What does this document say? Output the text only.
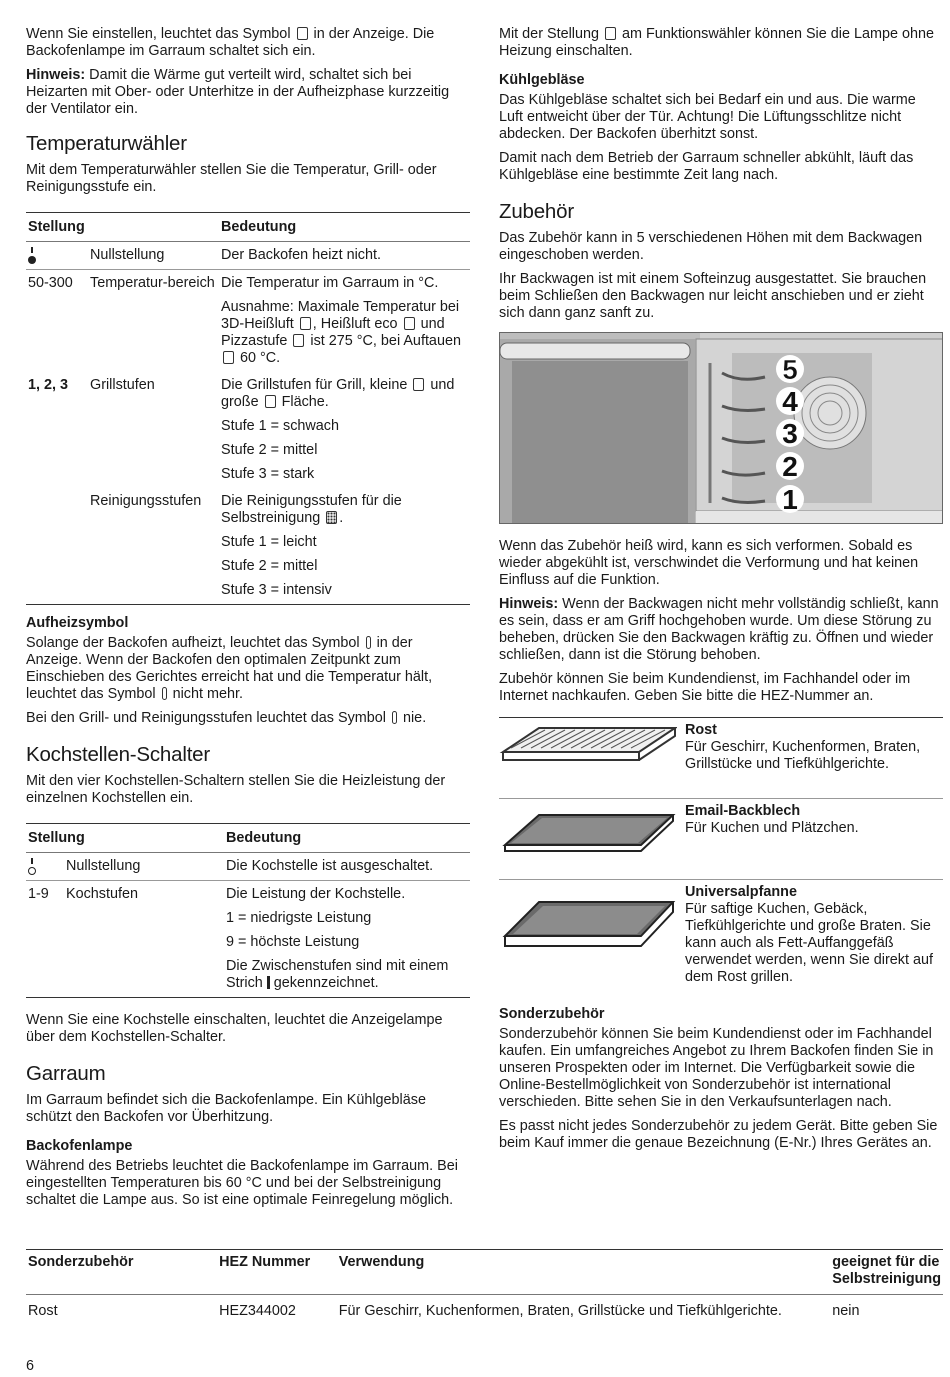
Wenn Sie einstellen, leuchtet das Symbol in der Anzeige. Die Backofenlampe im Garraum schaltet sich ein.

Hinweis: Damit die Wärme gut verteilt wird, schaltet sich bei Heizarten mit Ober- oder Unterhitze in der Aufheizphase kurzzeitig der Ventilator ein.

Temperaturwähler

Mit dem Temperaturwähler stellen Sie die Temperatur, Grill- oder Reinigungsstufe ein.

Stellung		Bedeutung

	Nullstellung	Der Backofen heizt nicht.
50-300	Temperatur-bereich	Die Temperatur im Garraum in °C.
Ausnahme: Maximale Temperatur bei 3D-Heißluft , Heißluft eco und Pizzastufe ist 275 °C, bei Auftauen  60 °C.

1, 2, 3	Grillstufen	Die Grillstufen für Grill, kleine und große Fläche.
Stufe 1 = schwach
Stufe 2 = mittel
Stufe 3 = stark

	Reinigungsstufen	Die Reinigungsstufen für die Selbstreinigung .
Stufe 1 = leicht
Stufe 2 = mittel
Stufe 3 = intensiv
Aufheizsymbol

Solange der Backofen aufheizt, leuchtet das Symbol in der Anzeige. Wenn der Backofen den optimalen Zeitpunkt zum Einschieben des Gerichtes erreicht hat und die Temperatur hält, leuchtet das Symbol nicht mehr.

Bei den Grill- und Reinigungsstufen leuchtet das Symbol nie.

Kochstellen-Schalter

Mit den vier Kochstellen-Schaltern stellen Sie die Heizleistung der einzelnen Kochstellen ein.

Stellung		Bedeutung

	Nullstellung	Die Kochstelle ist ausgeschaltet.
1-9	Kochstufen	Die Leistung der Kochstelle.
1 = niedrigste Leistung
9 = höchste Leistung
Die Zwischenstufen sind mit einem Strich gekennzeichnet.

Wenn Sie eine Kochstelle einschalten, leuchtet die Anzeigelampe über dem Kochstellen-Schalter.

Garraum

Im Garraum befindet sich die Backofenlampe. Ein Kühlgebläse schützt den Backofen vor Überhitzung.

Backofenlampe

Während des Betriebs leuchtet die Backofenlampe im Garraum. Bei eingestellten Temperaturen bis 60 °C und bei der Selbstreinigung schaltet die Lampe aus. So ist eine optimale Feinregelung möglich.

Mit der Stellung am Funktionswähler können Sie die Lampe ohne Heizung einschalten.

Kühlgebläse

Das Kühlgebläse schaltet sich bei Bedarf ein und aus. Die warme Luft entweicht über der Tür. Achtung! Die Lüftungsschlitze nicht abdecken. Der Backofen überhitzt sonst.

Damit nach dem Betrieb der Garraum schneller abkühlt, läuft das Kühlgebläse eine bestimmte Zeit lang nach.

Zubehör

Das Zubehör kann in 5 verschiedenen Höhen mit dem Backwagen eingeschoben werden.

Ihr Backwagen ist mit einem Softeinzug ausgestattet. Sie brauchen beim Schließen den Backwagen nur leicht anschieben und er zieht sich dann ganz sanft zu.

5
4
3
2
1

Wenn das Zubehör heiß wird, kann es sich verformen. Sobald es wieder abgekühlt ist, verschwindet die Verformung und hat keinen Einfluss auf die Funktion.

Hinweis: Wenn der Backwagen nicht mehr vollständig schließt, kann es sein, dass er am Griff hochgehoben wurde. Um diese Störung zu beheben, drücken Sie den Backwagen kräftig zu. Öffnen und wieder schließen, dann ist die Störung behoben.

Zubehör können Sie beim Kundendienst, im Fachhandel oder im Internet nachkaufen. Geben Sie bitte die HEZ-Nummer an.

Rost
Für Geschirr, Kuchenformen, Braten, Grillstücke und Tiefkühlgerichte.
Email-Backblech
Für Kuchen und Plätzchen.
Universalpfanne
Für saftige Kuchen, Gebäck, Tiefkühlgerichte und große Braten. Sie kann auch als Fett-Auffanggefäß verwendet werden, wenn Sie direkt auf dem Rost grillen.
Sonderzubehör

Sonderzubehör können Sie beim Kundendienst oder im Fachhandel kaufen. Ein umfangreiches Angebot zu Ihrem Backofen finden Sie in unseren Prospekten oder im Internet. Die Verfügbarkeit sowie die Online-Bestellmöglichkeit von Sonderzubehör ist international verschieden. Bitte sehen Sie in den Verkaufsunterlagen nach.

Es passt nicht jedes Sonderzubehör zu jedem Gerät. Bitte geben Sie beim Kauf immer die genaue Bezeichnung (E-Nr.) Ihres Gerätes an.

Sonderzubehör	HEZ Nummer	Verwendung	geeignet für die Selbstreinigung
Rost	HEZ344002	Für Geschirr, Kuchenformen, Braten, Grillstücke und Tiefkühlgerichte.	nein
6
